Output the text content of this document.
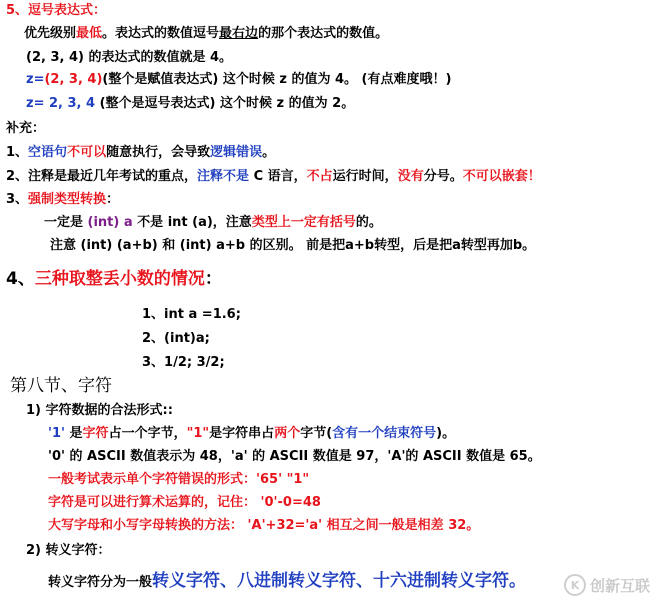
5、逗号表达式：
优先级别最低。表达式的数值逗号最右边的那个表达式的数值。
(2, 3, 4) 的表达式的数值就是 4。
z=(2, 3, 4)(整个是赋值表达式) 这个时候 z 的值为 4。 (有点难度哦！)
z= 2, 3, 4 (整个是逗号表达式) 这个时候 z 的值为 2。
补充：
1、空语句不可以随意执行，会导致逻辑错误。
2、注释是最近几年考试的重点，注释不是 C 语言，不占运行时间，没有分号。不可以嵌套！
3、强制类型转换：
一定是 (int) a 不是 int (a)，注意类型上一定有括号的。
注意 (int) (a+b) 和 (int) a+b 的区别。 前是把a+b转型，后是把a转型再加b。
4、三种取整丢小数的情况：
1、int a =1.6;
2、(int)a;
3、1/2; 3/2;
第八节、字符
1) 字符数据的合法形式::
'1' 是字符占一个字节，"1"是字符串占两个字节(含有一个结束符号)。
'0' 的 ASCII 数值表示为 48，'a' 的 ASCII 数值是 97，'A'的 ASCII 数值是 65。
一般考试表示单个字符错误的形式：'65' "1"
字符是可以进行算术运算的，记住： '0'-0=48
大写字母和小写字母转换的方法： 'A'+32='a' 相互之间一般是相差 32。
2) 转义字符：
转义字符分为一般转义字符、八进制转义字符、十六进制转义字符。	K 创新互联
